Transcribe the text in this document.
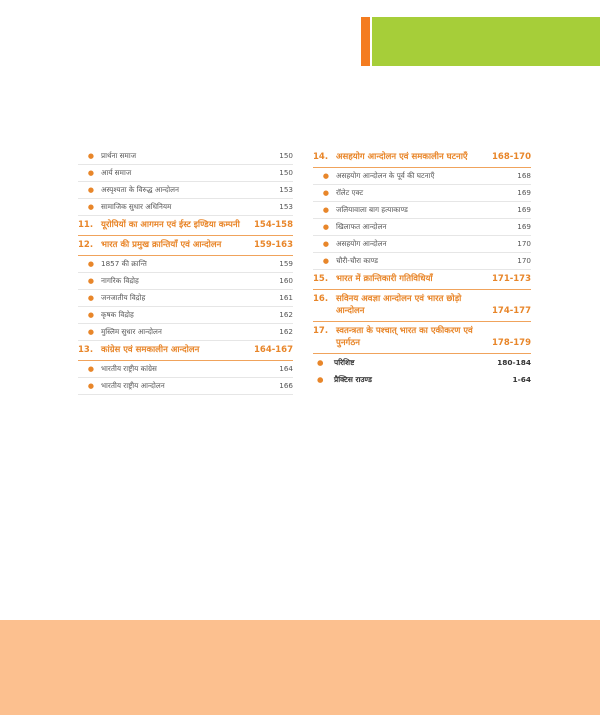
● प्रार्थना समाज	150
● आर्य समाज	150
● अस्पृश्यता के विरुद्ध आन्दोलन	153
● सामाजिक सुधार अधिनियम	153
11. यूरोपियों का आगमन एवं ईस्ट इण्डिया कम्पनी	154-158
12. भारत की प्रमुख क्रान्तियाँ एवं आन्दोलन	159-163
● 1857 की क्रान्ति	159
● नागरिक विद्रोह	160
● जनजातीय विद्रोह	161
● कृषक विद्रोह	162
● मुस्लिम सुधार आन्दोलन	162
13. कांग्रेस एवं समकालीन आन्दोलन	164-167
● भारतीय राष्ट्रीय कांग्रेस	164
● भारतीय राष्ट्रीय आन्दोलन	166
14. असहयोग आन्दोलन एवं समकालीन घटनाएँ	168-170
● असहयोग आन्दोलन के पूर्व की घटनाएँ	168
● रॉलेट एक्ट	169
● जलियावाला बाग हत्याकाण्ड	169
● खिलाफत आन्दोलन	169
● असहयोग आन्दोलन	170
● चौरी-चौरा काण्ड	170
15. भारत में क्रान्तिकारी गतिविधियाँ	171-173
16. सविनय अवज्ञा आन्दोलन एवं भारत छोड़ो आन्दोलन	174-177
17. स्वतन्त्रता के पश्चात् भारत का एकीकरण एवं पुनर्गठन	178-179
●	परिशिष्ट	180-184
●	प्रैक्टिस राउण्ड	1-64
